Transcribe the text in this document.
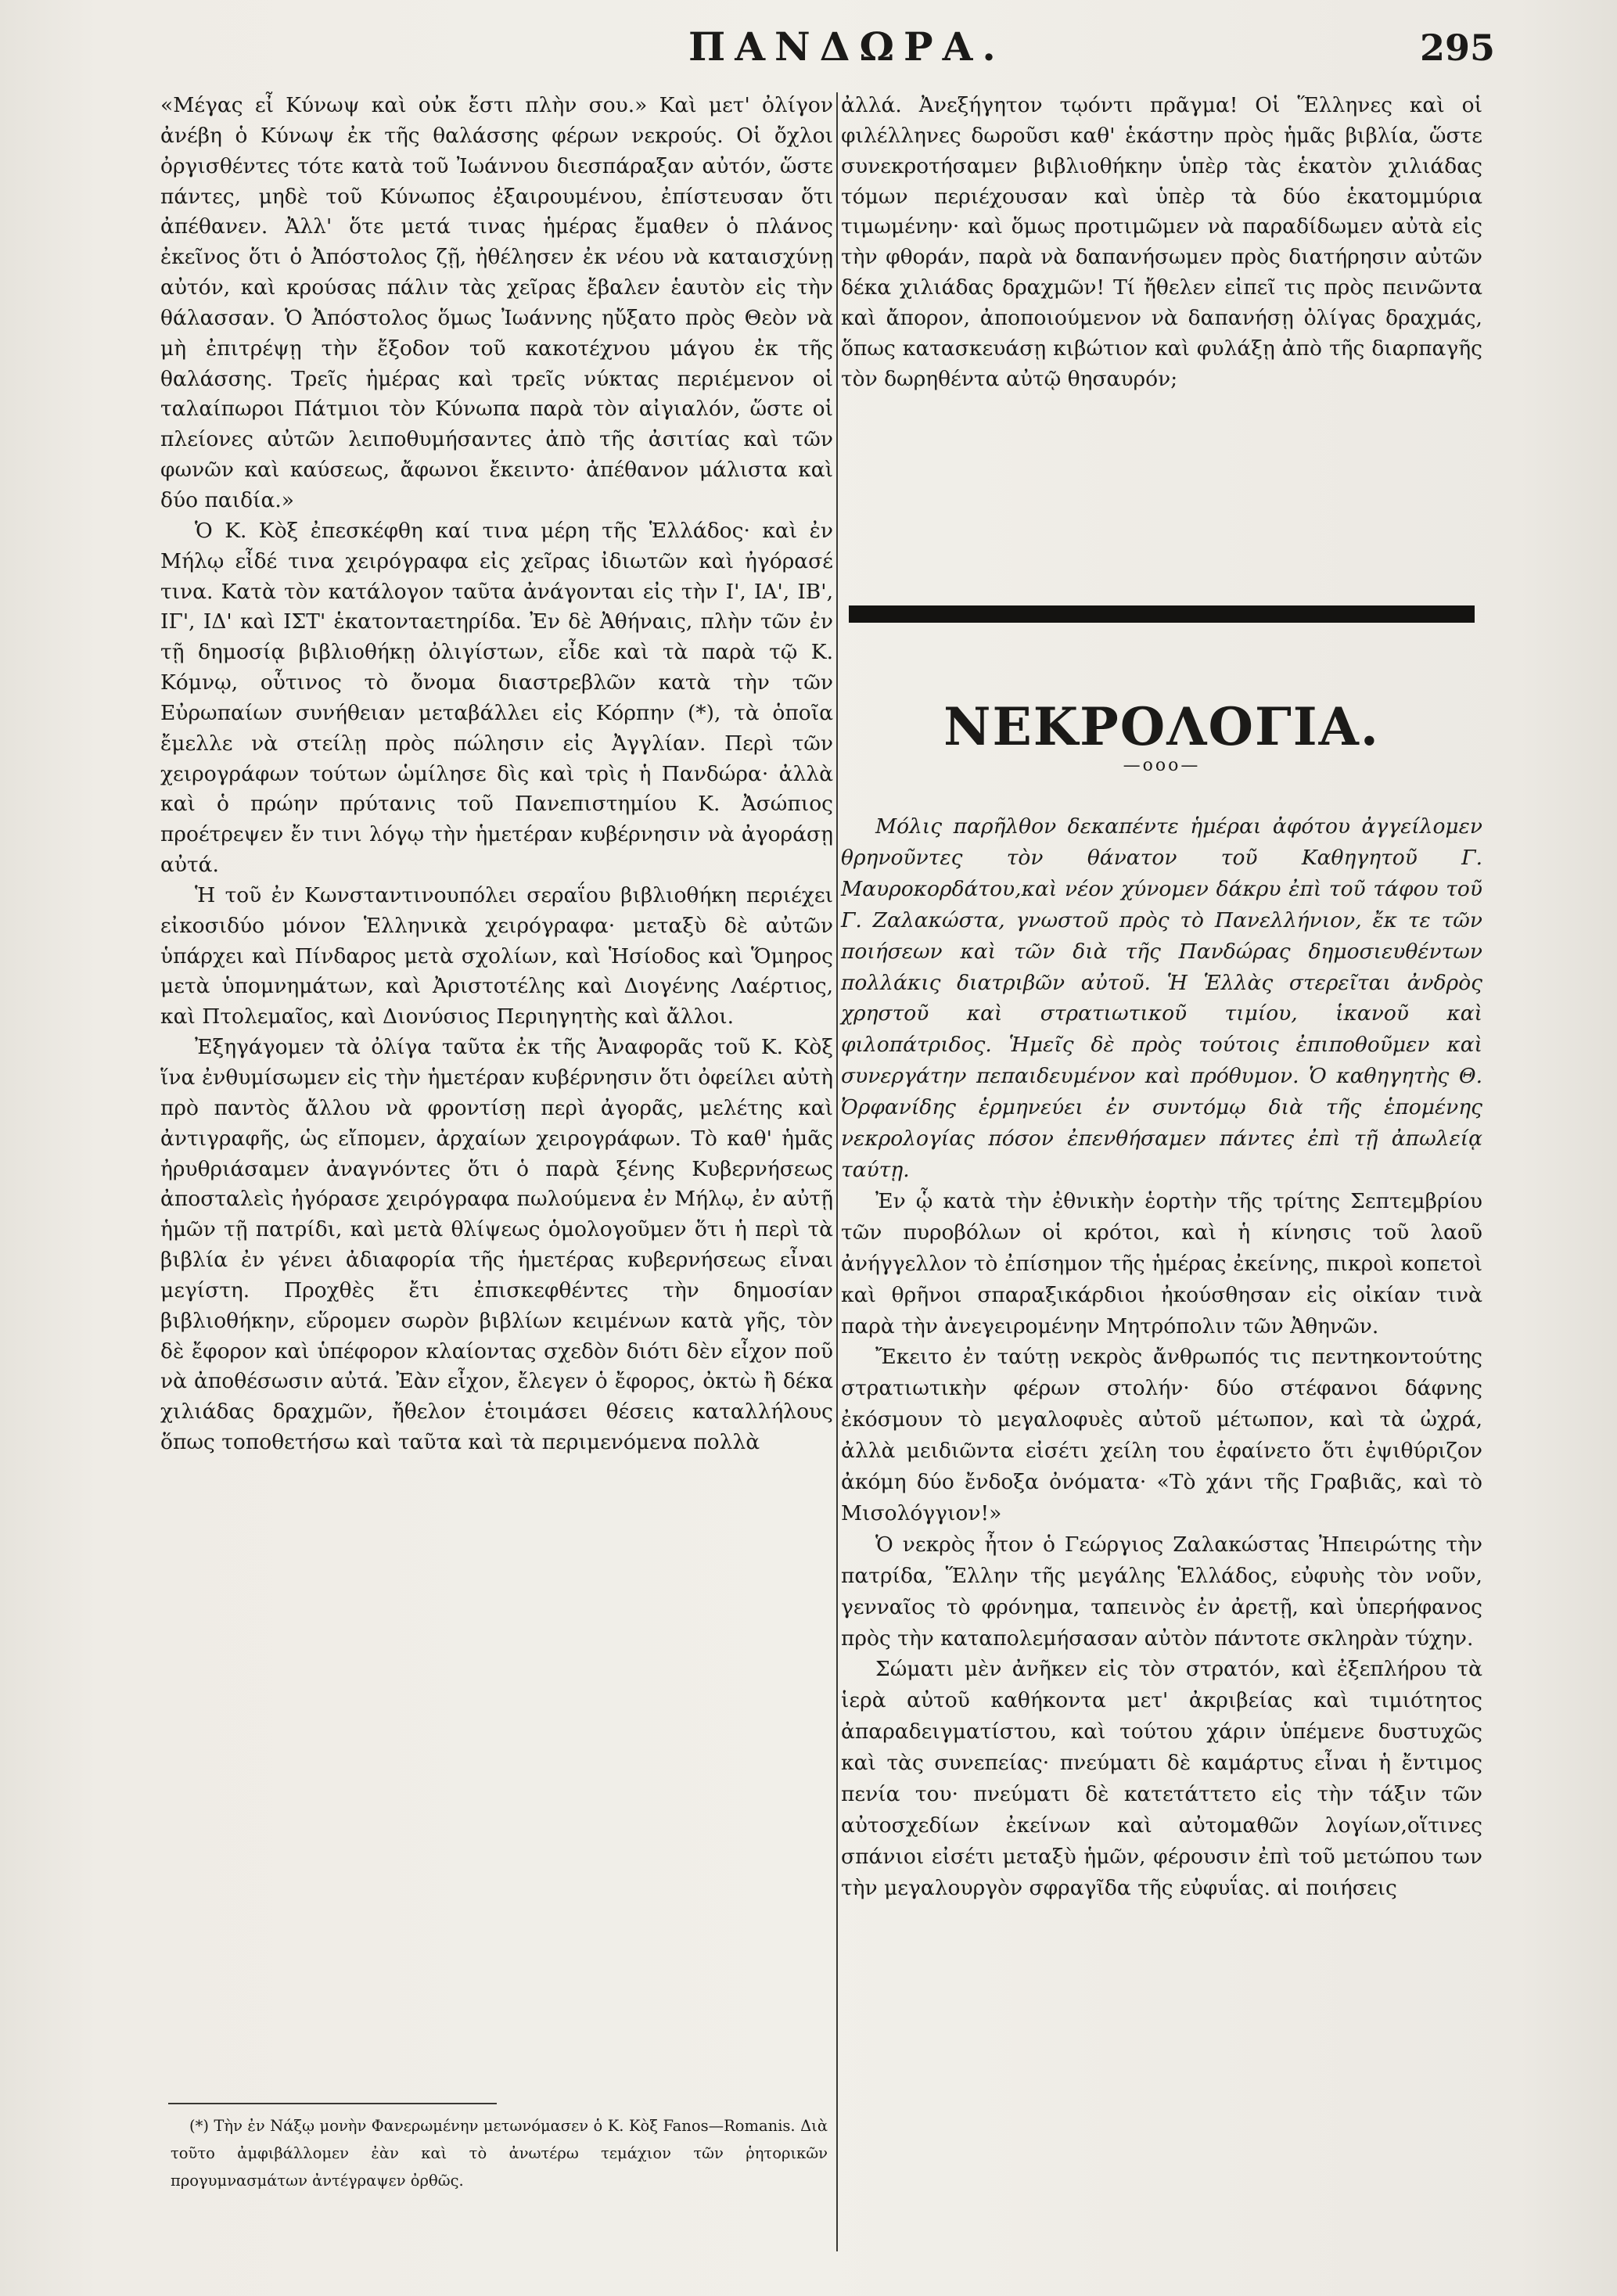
ΠΑΝΔΩΡΑ.	295

«Μέγας εἶ Κύνωψ καὶ οὐκ ἔστι πλὴν σου.» Καὶ μετ' ὀλίγον ἀνέβη ὁ Κύνωψ ἐκ τῆς θαλάσσης φέρων νεκρούς. Οἱ ὄχλοι ὀργισθέντες τότε κατὰ τοῦ Ἰωάννου διεσπάραξαν αὐτόν, ὥστε πάντες, μηδὲ τοῦ Κύνωπος ἐξαιρουμένου, ἐπίστευσαν ὅτι ἀπέθανεν. Ἀλλ' ὅτε μετά τινας ἡμέρας ἔμαθεν ὁ πλάνος ἐκεῖνος ὅτι ὁ Ἀπόστολος ζῇ, ἠθέλησεν ἐκ νέου νὰ καταισχύνῃ αὐτόν, καὶ κρούσας πάλιν τὰς χεῖρας ἔβαλεν ἑαυτὸν εἰς τὴν θάλασσαν. Ὁ Ἀπόστολος ὅμως Ἰωάννης ηὔξατο πρὸς Θεὸν νὰ μὴ ἐπιτρέψῃ τὴν ἔξοδον τοῦ κακοτέχνου μάγου ἐκ τῆς θαλάσσης. Τρεῖς ἡμέρας καὶ τρεῖς νύκτας περιέμενον οἱ ταλαίπωροι Πάτμιοι τὸν Κύνωπα παρὰ τὸν αἰγιαλόν, ὥστε οἱ πλείονες αὐτῶν λειποθυμήσαντες ἀπὸ τῆς ἀσιτίας καὶ τῶν φωνῶν καὶ καύσεως, ἄφωνοι ἔκειντο· ἀπέθανον μάλιστα καὶ δύο παιδία.»

Ὁ Κ. Κὸξ ἐπεσκέφθη καί τινα μέρη τῆς Ἑλλάδος· καὶ ἐν Μήλῳ εἶδέ τινα χειρόγραφα εἰς χεῖρας ἰδιωτῶν καὶ ἠγόρασέ τινα. Κατὰ τὸν κατάλογον ταῦτα ἀνάγονται εἰς τὴν Ι', ΙΑ', ΙΒ', ΙΓ', ΙΔ' καὶ ΙΣΤ' ἑκατονταετηρίδα. Ἐν δὲ Ἀθήναις, πλὴν τῶν ἐν τῇ δημοσίᾳ βιβλιοθήκῃ ὀλιγίστων, εἶδε καὶ τὰ παρὰ τῷ Κ. Κόμνῳ, οὗτινος τὸ ὄνομα διαστρεβλῶν κατὰ τὴν τῶν Εὐρωπαίων συνήθειαν μεταβάλλει εἰς Κόρπην (*), τὰ ὁποῖα ἔμελλε νὰ στείλῃ πρὸς πώλησιν εἰς Ἀγγλίαν. Περὶ τῶν χειρογράφων τούτων ὡμίλησε δὶς καὶ τρὶς ἡ Πανδώρα· ἀλλὰ καὶ ὁ πρώην πρύτανις τοῦ Πανεπιστημίου Κ. Ἀσώπιος προέτρεψεν ἔν τινι λόγῳ τὴν ἡμετέραν κυβέρνησιν νὰ ἀγοράσῃ αὐτά.

Ἡ τοῦ ἐν Κωνσταντινουπόλει σεραΐου βιβλιοθήκη περιέχει εἰκοσιδύο μόνον Ἑλληνικὰ χειρόγραφα· μεταξὺ δὲ αὐτῶν ὑπάρχει καὶ Πίνδαρος μετὰ σχολίων, καὶ Ἡσίοδος καὶ Ὅμηρος μετὰ ὑπομνημάτων, καὶ Ἀριστοτέλης καὶ Διογένης Λαέρτιος, καὶ Πτολεμαῖος, καὶ Διονύσιος Περιηγητὴς καὶ ἄλλοι.

Ἐξηγάγομεν τὰ ὀλίγα ταῦτα ἐκ τῆς Ἀναφορᾶς τοῦ Κ. Κὸξ ἵνα ἐνθυμίσωμεν εἰς τὴν ἡμετέραν κυβέρνησιν ὅτι ὀφείλει αὐτὴ πρὸ παντὸς ἄλλου νὰ φροντίσῃ περὶ ἀγορᾶς, μελέτης καὶ ἀντιγραφῆς, ὡς εἴπομεν, ἀρχαίων χειρογράφων. Τὸ καθ' ἡμᾶς ἠρυθριάσαμεν ἀναγνόντες ὅτι ὁ παρὰ ξένης Κυβερνήσεως ἀποσταλεὶς ἠγόρασε χειρόγραφα πωλούμενα ἐν Μήλῳ, ἐν αὐτῇ ἡμῶν τῇ πατρίδι, καὶ μετὰ θλίψεως ὁμολογοῦμεν ὅτι ἡ περὶ τὰ βιβλία ἐν γένει ἀδιαφορία τῆς ἡμετέρας κυβερνήσεως εἶναι μεγίστη. Προχθὲς ἔτι ἐπισκεφθέντες τὴν δημοσίαν βιβλιοθήκην, εὕρομεν σωρὸν βιβλίων κειμένων κατὰ γῆς, τὸν δὲ ἔφορον καὶ ὑπέφορον κλαίοντας σχεδὸν διότι δὲν εἶχον ποῦ νὰ ἀποθέσωσιν αὐτά. Ἐὰν εἶχον, ἔλεγεν ὁ ἔφορος, ὀκτὼ ἢ δέκα χιλιάδας δραχμῶν, ἤθελον ἑτοιμάσει θέσεις καταλλήλους ὅπως τοποθετήσω καὶ ταῦτα καὶ τὰ περιμενόμενα πολλὰ

(*) Τὴν ἐν Νάξῳ μονὴν Φανερωμένην μετωνόμασεν ὁ Κ. Κὸξ Fanos—Romanis. Διὰ τοῦτο ἀμφιβάλλομεν ἐὰν καὶ τὸ ἀνωτέρω τεμάχιον τῶν ῥητορικῶν προγυμνασμάτων ἀντέγραψεν ὀρθῶς.

ἀλλά. Ἀνεξήγητον τῳόντι πρᾶγμα! Οἱ Ἕλληνες καὶ οἱ φιλέλληνες δωροῦσι καθ' ἑκάστην πρὸς ἡμᾶς βιβλία, ὥστε συνεκροτήσαμεν βιβλιοθήκην ὑπὲρ τὰς ἑκατὸν χιλιάδας τόμων περιέχουσαν καὶ ὑπὲρ τὰ δύο ἑκατομμύρια τιμωμένην· καὶ ὅμως προτιμῶμεν νὰ παραδίδωμεν αὐτὰ εἰς τὴν φθοράν, παρὰ νὰ δαπανήσωμεν πρὸς διατήρησιν αὐτῶν δέκα χιλιάδας δραχμῶν! Τί ἤθελεν εἰπεῖ τις πρὸς πεινῶντα καὶ ἄπορον, ἀποποιούμενον νὰ δαπανήσῃ ὀλίγας δραχμάς, ὅπως κατασκευάσῃ κιβώτιον καὶ φυλάξῃ ἀπὸ τῆς διαρπαγῆς τὸν δωρηθέντα αὐτῷ θησαυρόν;

ΝΕΚΡΟΛΟΓΙΑ.
—οοο—

Μόλις παρῆλθον δεκαπέντε ἡμέραι ἀφότου ἀγγείλομεν θρηνοῦντες τὸν θάνατον τοῦ Καθηγητοῦ Γ. Μαυροκορδάτου,καὶ νέον χύνομεν δάκρυ ἐπὶ τοῦ τάφου τοῦ Γ. Ζαλακώστα, γνωστοῦ πρὸς τὸ Πανελλήνιον, ἔκ τε τῶν ποιήσεων καὶ τῶν διὰ τῆς Πανδώρας δημοσιευθέντων πολλάκις διατριβῶν αὐτοῦ. Ἡ Ἑλλὰς στερεῖται ἀνδρὸς χρηστοῦ καὶ στρατιωτικοῦ τιμίου, ἱκανοῦ καὶ φιλοπάτριδος. Ἡμεῖς δὲ πρὸς τούτοις ἐπιποθοῦμεν καὶ συνεργάτην πεπαιδευμένον καὶ πρόθυμον. Ὁ καθηγητὴς Θ. Ὀρφανίδης ἑρμηνεύει ἐν συντόμῳ διὰ τῆς ἑπομένης νεκρολογίας πόσον ἐπενθήσαμεν πάντες ἐπὶ τῇ ἀπωλείᾳ ταύτῃ.

Ἐν ᾧ κατὰ τὴν ἐθνικὴν ἑορτὴν τῆς τρίτης Σεπτεμβρίου τῶν πυροβόλων οἱ κρότοι, καὶ ἡ κίνησις τοῦ λαοῦ ἀνήγγελλον τὸ ἐπίσημον τῆς ἡμέρας ἐκείνης, πικροὶ κοπετοὶ καὶ θρῆνοι σπαραξικάρδιοι ἠκούσθησαν εἰς οἰκίαν τινὰ παρὰ τὴν ἀνεγειρομένην Μητρόπολιν τῶν Ἀθηνῶν.

Ἔκειτο ἐν ταύτῃ νεκρὸς ἄνθρωπός τις πεντηκοντούτης στρατιωτικὴν φέρων στολήν· δύο στέφανοι δάφνης ἐκόσμουν τὸ μεγαλοφυὲς αὐτοῦ μέτωπον, καὶ τὰ ὠχρά, ἀλλὰ μειδιῶντα εἰσέτι χείλη του ἐφαίνετο ὅτι ἐψιθύριζον ἀκόμη δύο ἔνδοξα ὀνόματα· «Τὸ χάνι τῆς Γραβιᾶς, καὶ τὸ Μισολόγγιον!»

Ὁ νεκρὸς ἦτον ὁ Γεώργιος Ζαλακώστας Ἠπειρώτης τὴν πατρίδα, Ἕλλην τῆς μεγάλης Ἑλλάδος, εὐφυὴς τὸν νοῦν, γενναῖος τὸ φρόνημα, ταπεινὸς ἐν ἀρετῇ, καὶ ὑπερήφανος πρὸς τὴν καταπολεμήσασαν αὐτὸν πάντοτε σκληρὰν τύχην.

Σώματι μὲν ἀνῆκεν εἰς τὸν στρατόν, καὶ ἐξεπλήρου τὰ ἱερὰ αὐτοῦ καθήκοντα μετ' ἀκριβείας καὶ τιμιότητος ἀπαραδειγματίστου, καὶ τούτου χάριν ὑπέμενε δυστυχῶς καὶ τὰς συνεπείας· πνεύματι δὲ καμάρτυς εἶναι ἡ ἔντιμος πενία του· πνεύματι δὲ κατετάττετο εἰς τὴν τάξιν τῶν αὐτοσχεδίων ἐκείνων καὶ αὐτομαθῶν λογίων,οἵτινες σπάνιοι εἰσέτι μεταξὺ ἡμῶν, φέρουσιν ἐπὶ τοῦ μετώπου των τὴν μεγαλουργὸν σφραγῖδα τῆς εὐφυΐας. αἱ ποιήσεις
